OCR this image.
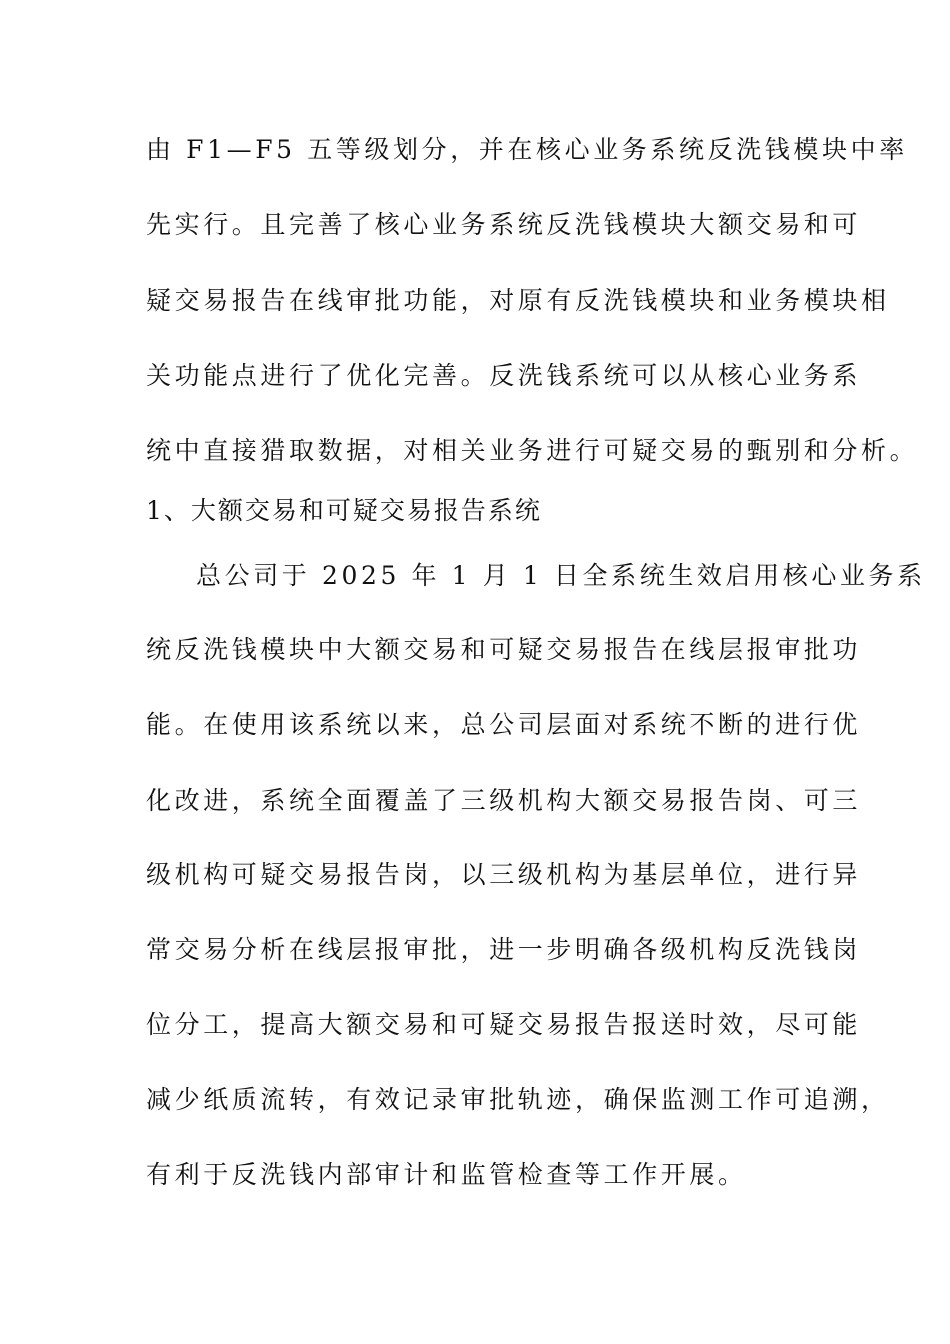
由 F1—F5 五等级划分，并在核心业务系统反洗钱模块中率
先实行。且完善了核心业务系统反洗钱模块大额交易和可
疑交易报告在线审批功能，对原有反洗钱模块和业务模块相
关功能点进行了优化完善。反洗钱系统可以从核心业务系
统中直接猎取数据，对相关业务进行可疑交易的甄别和分析。
1、大额交易和可疑交易报告系统
总公司于 2025 年 1 月 1 日全系统生效启用核心业务系
统反洗钱模块中大额交易和可疑交易报告在线层报审批功
能。在使用该系统以来，总公司层面对系统不断的进行优
化改进，系统全面覆盖了三级机构大额交易报告岗、可三
级机构可疑交易报告岗，以三级机构为基层单位，进行异
常交易分析在线层报审批，进一步明确各级机构反洗钱岗
位分工，提高大额交易和可疑交易报告报送时效，尽可能
减少纸质流转，有效记录审批轨迹，确保监测工作可追溯，
有利于反洗钱内部审计和监管检查等工作开展。
